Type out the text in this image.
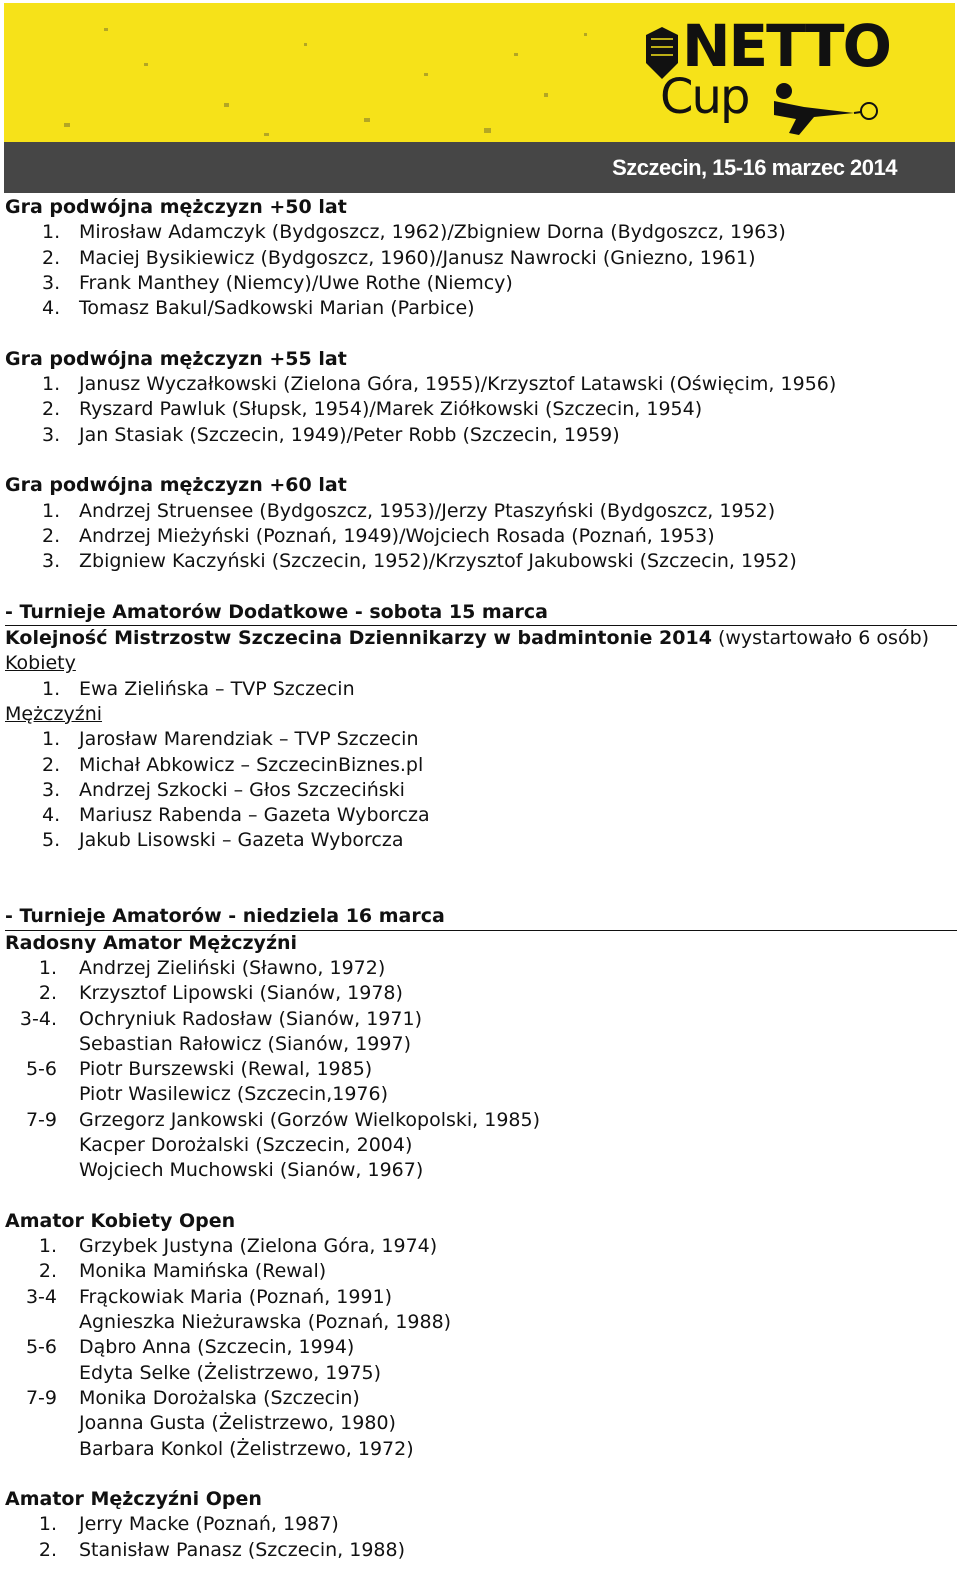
NETTO
Cup
Szczecin, 15-16 marzec 2014
Gra podwójna mężczyzn +50 lat
1. Mirosław Adamczyk (Bydgoszcz, 1962)/Zbigniew Dorna (Bydgoszcz, 1963)
2. Maciej Bysikiewicz (Bydgoszcz, 1960)/Janusz Nawrocki (Gniezno, 1961)
3. Frank Manthey (Niemcy)/Uwe Rothe (Niemcy)
4. Tomasz Bakul/Sadkowski Marian (Parbice)
Gra podwójna mężczyzn +55 lat
1. Janusz Wyczałkowski (Zielona Góra, 1955)/Krzysztof Latawski (Oświęcim, 1956)
2. Ryszard Pawluk (Słupsk, 1954)/Marek Ziółkowski (Szczecin, 1954)
3. Jan Stasiak (Szczecin, 1949)/Peter Robb (Szczecin, 1959)
Gra podwójna mężczyzn +60 lat
1. Andrzej Struensee (Bydgoszcz, 1953)/Jerzy Ptaszyński (Bydgoszcz, 1952)
2. Andrzej Mieżyński (Poznań, 1949)/Wojciech Rosada (Poznań, 1953)
3. Zbigniew Kaczyński (Szczecin, 1952)/Krzysztof Jakubowski (Szczecin, 1952)
- Turnieje Amatorów Dodatkowe - sobota 15 marca
Kolejność Mistrzostw Szczecina Dziennikarzy w badmintonie 2014 (wystartowało 6 osób)
Kobiety
1. Ewa Zielińska – TVP Szczecin
Mężczyźni
1. Jarosław Marendziak – TVP Szczecin
2. Michał Abkowicz – SzczecinBiznes.pl
3. Andrzej Szkocki – Głos Szczeciński
4. Mariusz Rabenda – Gazeta Wyborcza
5. Jakub Lisowski – Gazeta Wyborcza
- Turnieje Amatorów - niedziela 16 marca
Radosny Amator Mężczyźni
1. Andrzej Zieliński (Sławno, 1972)
2. Krzysztof Lipowski (Sianów, 1978)
3-4. Ochryniuk Radosław (Sianów, 1971)
Sebastian Rałowicz (Sianów, 1997)
5-6 Piotr Burszewski (Rewal, 1985)
Piotr Wasilewicz (Szczecin,1976)
7-9 Grzegorz Jankowski (Gorzów Wielkopolski, 1985)
Kacper Dorożalski (Szczecin, 2004)
Wojciech Muchowski (Sianów, 1967)
Amator Kobiety Open
1. Grzybek Justyna (Zielona Góra, 1974)
2. Monika Mamińska (Rewal)
3-4 Frąckowiak Maria (Poznań, 1991)
Agnieszka Nieżurawska (Poznań, 1988)
5-6 Dąbro Anna (Szczecin, 1994)
Edyta Selke (Żelistrzewo, 1975)
7-9 Monika Dorożalska (Szczecin)
Joanna Gusta (Żelistrzewo, 1980)
Barbara Konkol (Żelistrzewo, 1972)
Amator Mężczyźni Open
1. Jerry Macke (Poznań, 1987)
2. Stanisław Panasz (Szczecin, 1988)
